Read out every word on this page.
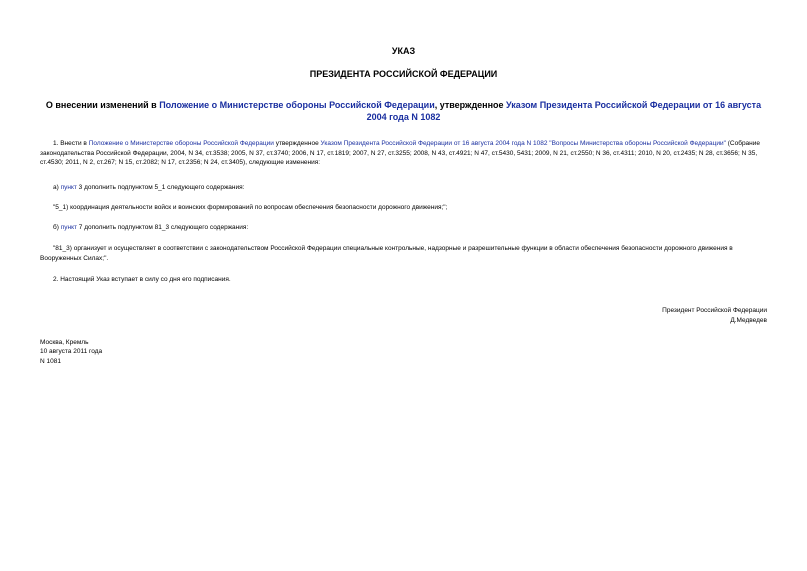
УКАЗ
ПРЕЗИДЕНТА РОССИЙСКОЙ ФЕДЕРАЦИИ
О внесении изменений в Положение о Министерстве обороны Российской Федерации, утвержденное Указом Президента Российской Федерации от 16 августа 2004 года N 1082
1. Внести в Положение о Министерстве обороны Российской Федерации утвержденное Указом Президента Российской Федерации от 16 августа 2004 года N 1082 "Вопросы Министерства обороны Российской Федерации" (Собрание законодательства Российской Федерации, 2004, N 34, ст.3538; 2005, N 37, ст.3740; 2006, N 17, ст.1819; 2007, N 27, ст.3255; 2008, N 43, ст.4921; N 47, ст.5430, 5431; 2009, N 21, ст.2550; N 36, ст.4311; 2010, N 20, ст.2435; N 28, ст.3656; N 35, ст.4530; 2011, N 2, ст.267; N 15, ст.2082; N 17, ст.2356; N 24, ст.3405), следующие изменения:
а) пункт 3 дополнить подпунктом 5_1 следующего содержания:
"5_1) координация деятельности войск и воинских формирований по вопросам обеспечения безопасности дорожного движения;";
б) пункт 7 дополнить подпунктом 81_3 следующего содержания:
"81_3) организует и осуществляет в соответствии с законодательством Российской Федерации специальные контрольные, надзорные и разрешительные функции в области обеспечения безопасности дорожного движения в Вооруженных Силах;".
2. Настоящий Указ вступает в силу со дня его подписания.
Президент Российской Федерации
Д.Медведев
Москва, Кремль
10 августа 2011 года
N 1081
